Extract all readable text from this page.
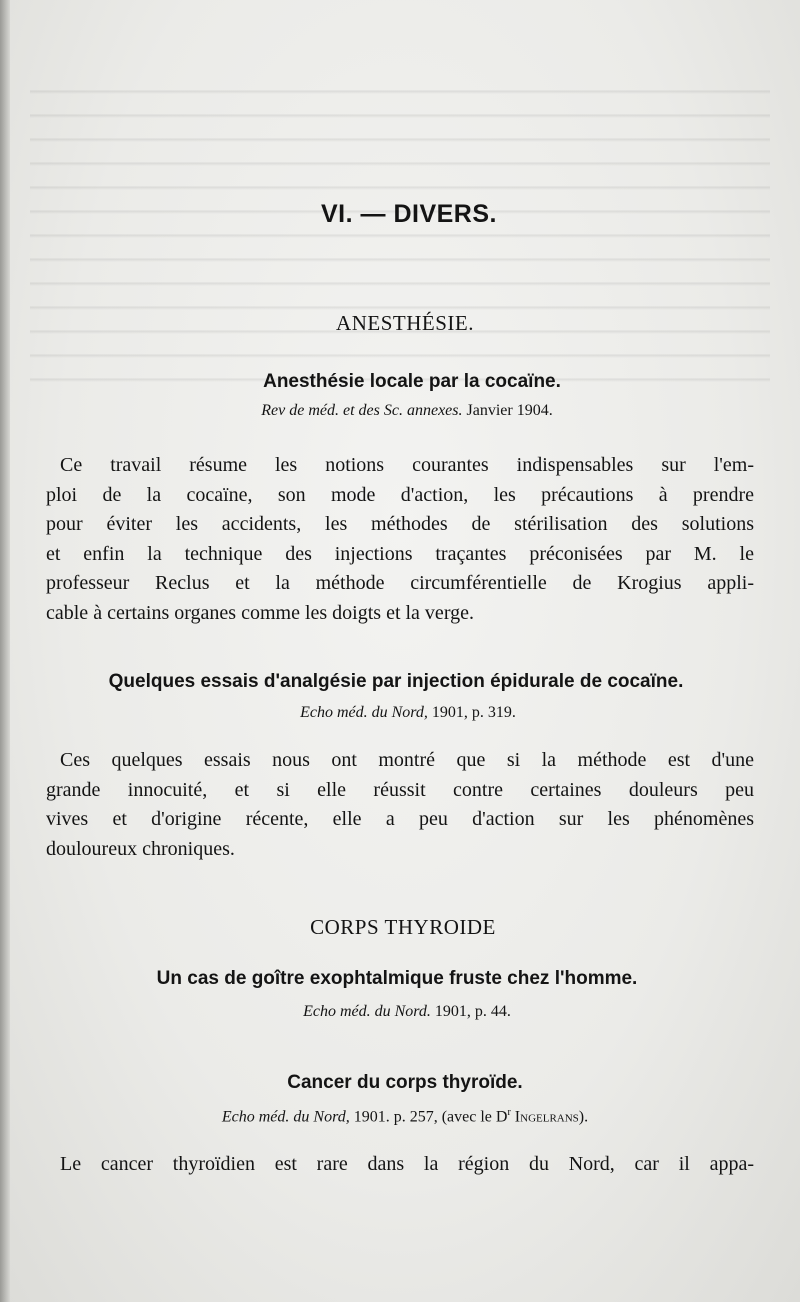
VI. — DIVERS.
ANESTHÉSIE.
Anesthésie locale par la cocaïne.
Rev de méd. et des Sc. annexes. Janvier 1904.
Ce travail résume les notions courantes indispensables sur l'em-
ploi de la cocaïne, son mode d'action, les précautions à prendre
pour éviter les accidents, les méthodes de stérilisation des solutions
et enfin la technique des injections traçantes préconisées par M. le
professeur Reclus et la méthode circumférentielle de Krogius appli-
cable à certains organes comme les doigts et la verge.
Quelques essais d'analgésie par injection épidurale de cocaïne.
Echo méd. du Nord, 1901, p. 319.
Ces quelques essais nous ont montré que si la méthode est d'une
grande innocuité, et si elle réussit contre certaines douleurs peu
vives et d'origine récente, elle a peu d'action sur les phénomènes
douloureux chroniques.
CORPS THYROIDE
Un cas de goître exophtalmique fruste chez l'homme.
Echo méd. du Nord. 1901, p. 44.
Cancer du corps thyroïde.
Echo méd. du Nord, 1901. p. 257, (avec le $D^r$ Ingelrans).
Le cancer thyroïdien est rare dans la région du Nord, car il appa-
